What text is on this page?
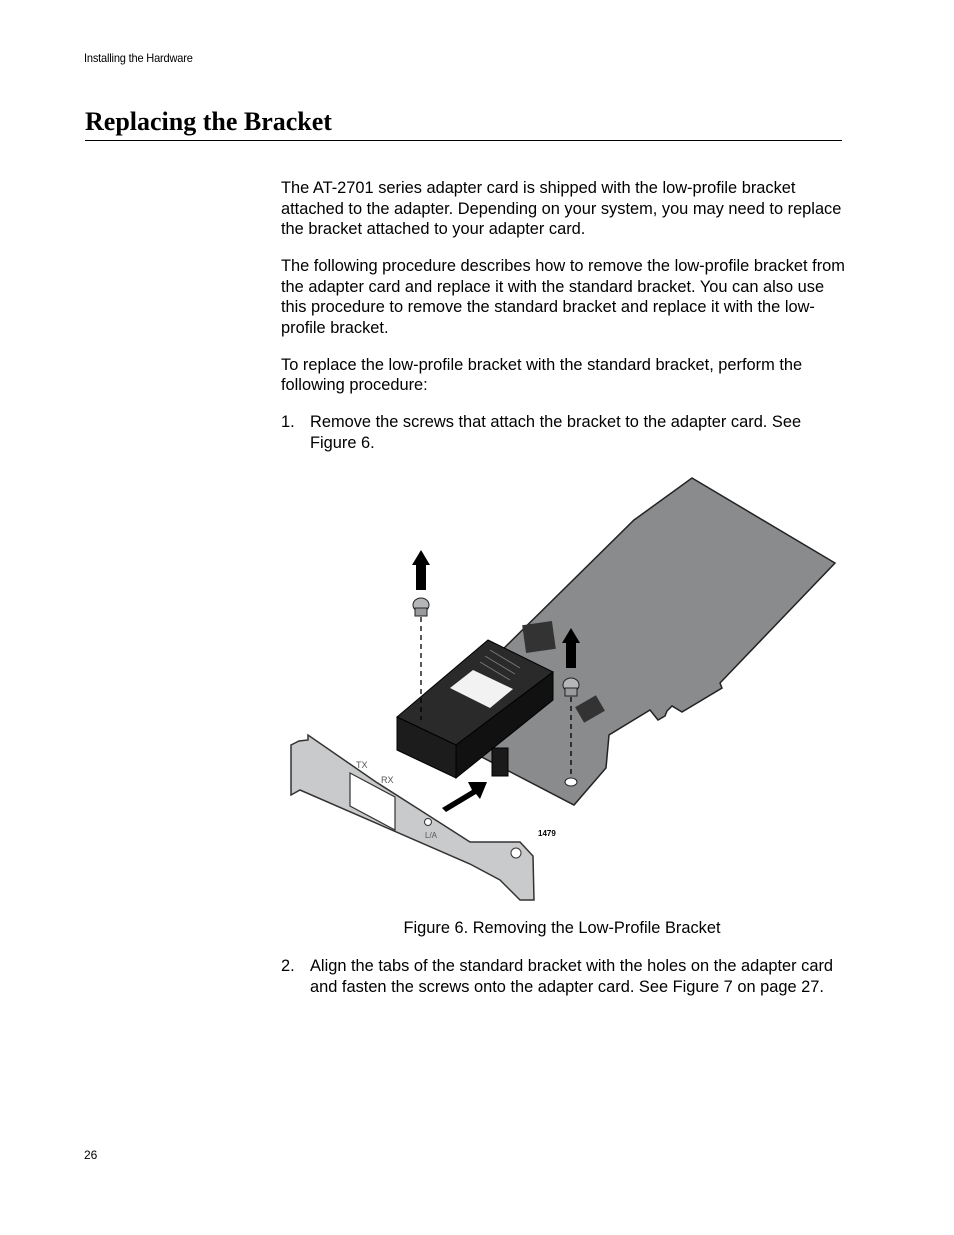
Installing the Hardware
Replacing the Bracket

The AT-2701 series adapter card is shipped with the low-profile bracket attached to the adapter. Depending on your system, you may need to replace the bracket attached to your adapter card.

The following procedure describes how to remove the low-profile bracket from the adapter card and replace it with the standard bracket. You can also use this procedure to remove the standard bracket and replace it with the low-profile bracket.

To replace the low-profile bracket with the standard bracket, perform the following procedure:

1. Remove the screws that attach the bracket to the adapter card. See Figure 6.
TX
RX
L/A	1479
Figure 6. Removing the Low-Profile Bracket
2. Align the tabs of the standard bracket with the holes on the adapter card and fasten the screws onto the adapter card. See Figure 7 on page 27.
26
